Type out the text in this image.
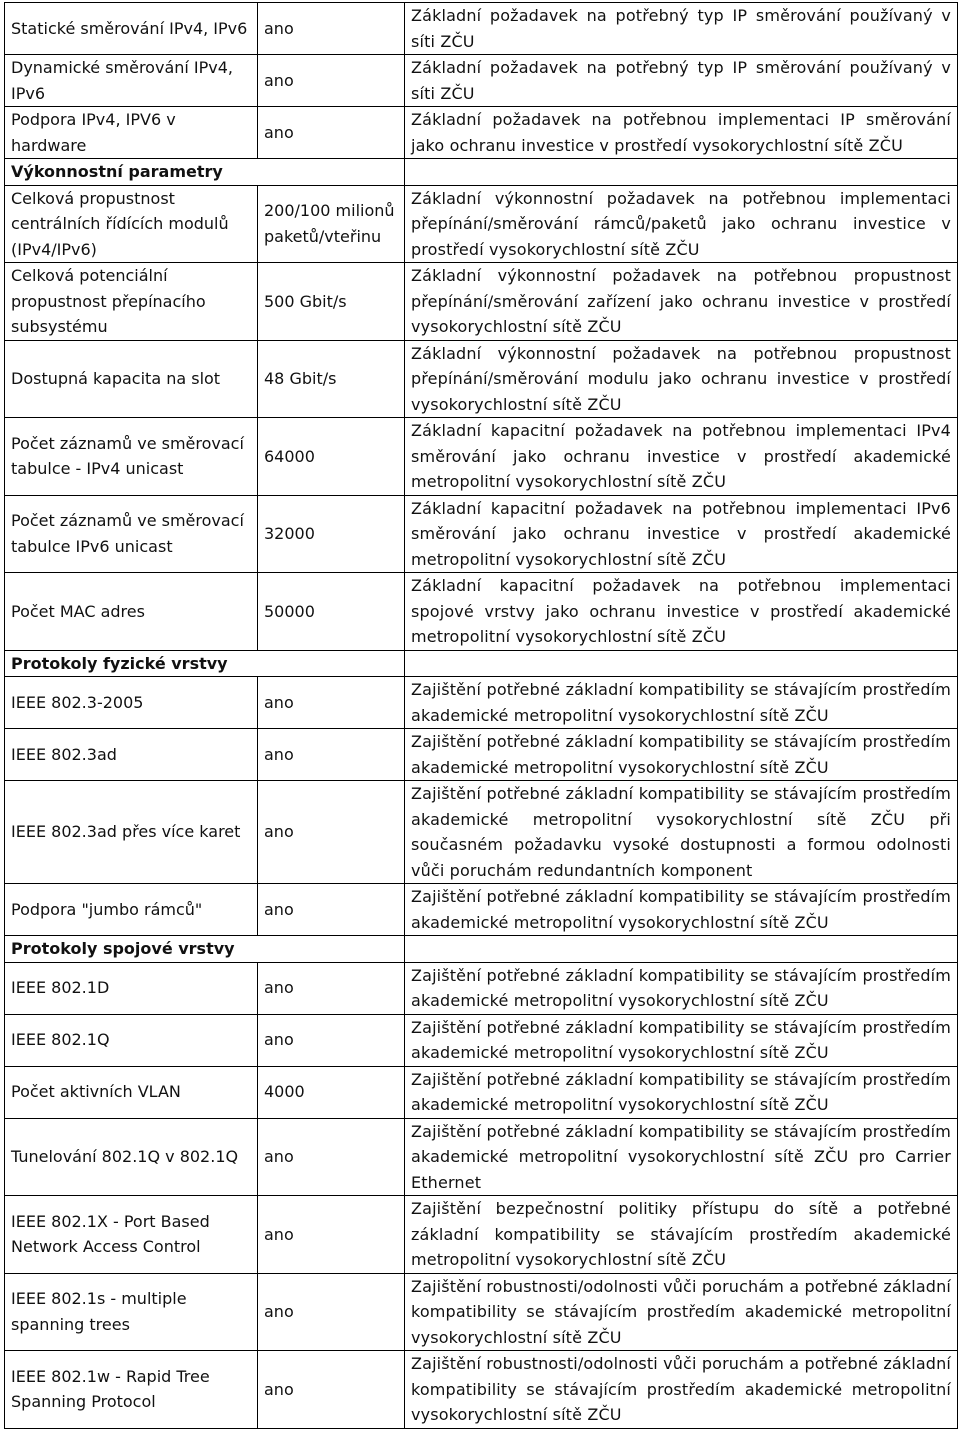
Statické směrování IPv4, IPv6	ano	Základní požadavek na potřebný typ IP směrování používaný v síti ZČU
Dynamické směrování IPv4, IPv6	ano	Základní požadavek na potřebný typ IP směrování používaný v síti ZČU
Podpora IPv4, IPV6 v hardware	ano	Základní požadavek na potřebnou implementaci IP směrování jako ochranu investice v prostředí vysokorychlostní sítě ZČU
Výkonnostní parametry		
Celková propustnost centrálních řídících modulů (IPv4/IPv6)	200/100 milionů paketů/vteřinu	Základní výkonnostní požadavek na potřebnou implementaci přepínání/směrování rámců/paketů jako ochranu investice v prostředí vysokorychlostní sítě ZČU
Celková potenciální propustnost přepínacího subsystému	500 Gbit/s	Základní výkonnostní požadavek na potřebnou propustnost přepínání/směrování zařízení jako ochranu investice v prostředí vysokorychlostní sítě ZČU
Dostupná kapacita na slot	48 Gbit/s	Základní výkonnostní požadavek na potřebnou propustnost přepínání/směrování modulu jako ochranu investice v prostředí vysokorychlostní sítě ZČU
Počet záznamů ve směrovací tabulce - IPv4 unicast	64000	Základní kapacitní požadavek na potřebnou implementaci IPv4 směrování jako ochranu investice v prostředí akademické metropolitní vysokorychlostní sítě ZČU
Počet záznamů ve směrovací tabulce IPv6 unicast	32000	Základní kapacitní požadavek na potřebnou implementaci IPv6 směrování jako ochranu investice v prostředí akademické metropolitní vysokorychlostní sítě ZČU
Počet MAC adres	50000	Základní kapacitní požadavek na potřebnou implementaci spojové vrstvy jako ochranu investice v prostředí akademické metropolitní vysokorychlostní sítě ZČU
Protokoly fyzické vrstvy		
IEEE 802.3-2005	ano	Zajištění potřebné základní kompatibility se stávajícím prostředím akademické metropolitní vysokorychlostní sítě ZČU
IEEE 802.3ad	ano	Zajištění potřebné základní kompatibility se stávajícím prostředím akademické metropolitní vysokorychlostní sítě ZČU
IEEE 802.3ad přes více karet	ano	Zajištění potřebné základní kompatibility se stávajícím prostředím akademické metropolitní vysokorychlostní sítě ZČU při současném požadavku vysoké dostupnosti a formou odolnosti vůči poruchám redundantních komponent
Podpora "jumbo rámců"	ano	Zajištění potřebné základní kompatibility se stávajícím prostředím akademické metropolitní vysokorychlostní sítě ZČU
Protokoly spojové vrstvy		
IEEE 802.1D	ano	Zajištění potřebné základní kompatibility se stávajícím prostředím akademické metropolitní vysokorychlostní sítě ZČU
IEEE 802.1Q	ano	Zajištění potřebné základní kompatibility se stávajícím prostředím akademické metropolitní vysokorychlostní sítě ZČU
Počet aktivních VLAN	4000	Zajištění potřebné základní kompatibility se stávajícím prostředím akademické metropolitní vysokorychlostní sítě ZČU
Tunelování 802.1Q v 802.1Q	ano	Zajištění potřebné základní kompatibility se stávajícím prostředím akademické metropolitní vysokorychlostní sítě ZČU pro Carrier Ethernet
IEEE 802.1X - Port Based Network Access Control	ano	Zajištění bezpečnostní politiky přístupu do sítě a potřebné základní kompatibility se stávajícím prostředím akademické metropolitní vysokorychlostní sítě ZČU
IEEE 802.1s - multiple spanning trees	ano	Zajištění robustnosti/odolnosti vůči poruchám a potřebné základní kompatibility se stávajícím prostředím akademické metropolitní vysokorychlostní sítě ZČU
IEEE 802.1w - Rapid Tree Spanning Protocol	ano	Zajištění robustnosti/odolnosti vůči poruchám a potřebné základní kompatibility se stávajícím prostředím akademické metropolitní vysokorychlostní sítě ZČU
